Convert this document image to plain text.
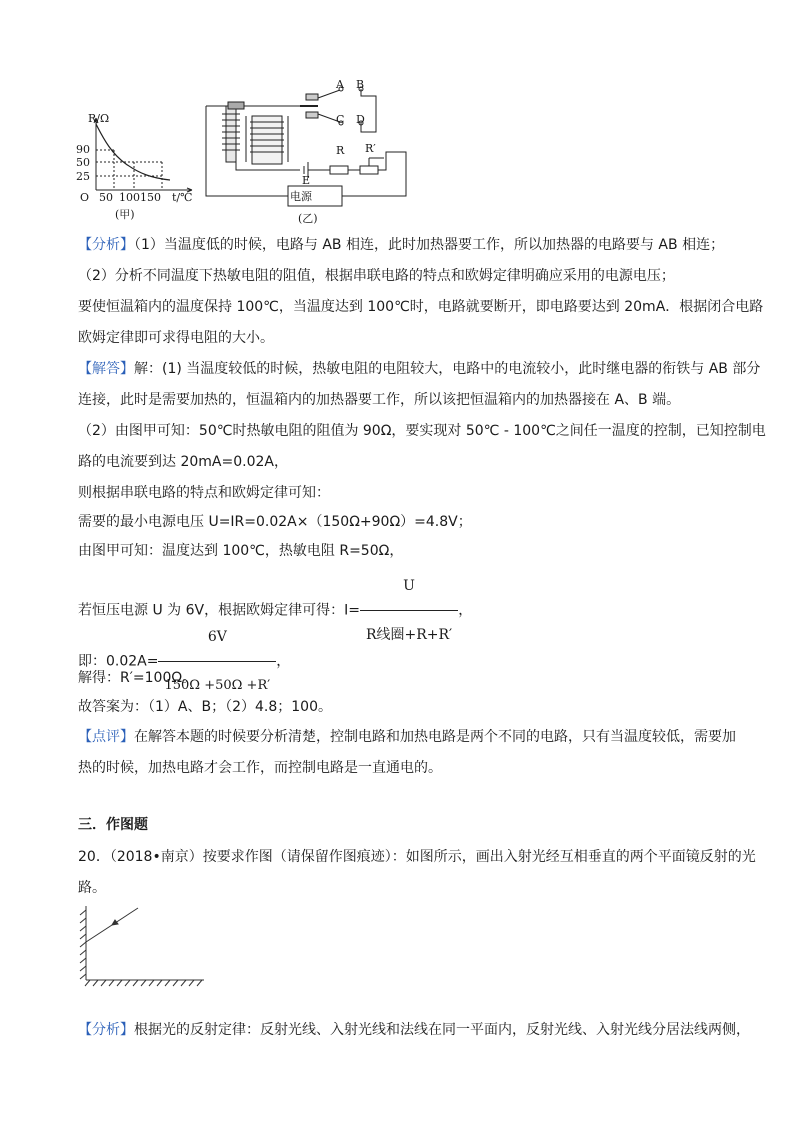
R/Ω
90
50
25
O 50 100150 t/℃
(甲)
A B
C D
R R′
E
电源
(乙)
【分析】（1）当温度低的时候，电路与 AB 相连，此时加热器要工作，所以加热器的电路要与 AB 相连；
（2）分析不同温度下热敏电阻的阻值，根据串联电路的特点和欧姆定律明确应采用的电源电压；
要使恒温箱内的温度保持 100℃，当温度达到 100℃时，电路就要断开，即电路要达到 20mA．根据闭合电路
欧姆定律即可求得电阻的大小。
【解答】解：(1) 当温度较低的时候，热敏电阻的电阻较大，电路中的电流较小，此时继电器的衔铁与 AB 部分
连接，此时是需要加热的，恒温箱内的加热器要工作，所以该把恒温箱内的加热器接在 A、B 端。
（2）由图甲可知：50℃时热敏电阻的阻值为 90Ω，要实现对 50℃ - 100℃之间任一温度的控制，已知控制电
路的电流要到达 20mA=0.02A，
则根据串联电路的特点和欧姆定律可知：
需要的最小电源电压 U=IR=0.02A×（150Ω+90Ω）=4.8V；
由图甲可知：温度达到 100℃，热敏电阻 R=50Ω，
若恒压电源 U 为 6V，根据欧姆定律可得：$I= \frac{U}{\text{R线圈+R+R′}}$ ，
即：$0.02A= \frac{6V}{150\Omega +50\Omega +R'}$ ，
解得：R′=100Ω。
故答案为：（1）A、B；（2）4.8；100。
【点评】在解答本题的时候要分析清楚，控制电路和加热电路是两个不同的电路，只有当温度较低，需要加
热的时候，加热电路才会工作，而控制电路是一直通电的。
三．作图题
20．（2018•南京）按要求作图（请保留作图痕迹）：如图所示，画出入射光经互相垂直的两个平面镜反射的光
路。
【分析】根据光的反射定律：反射光线、入射光线和法线在同一平面内，反射光线、入射光线分居法线两侧，
